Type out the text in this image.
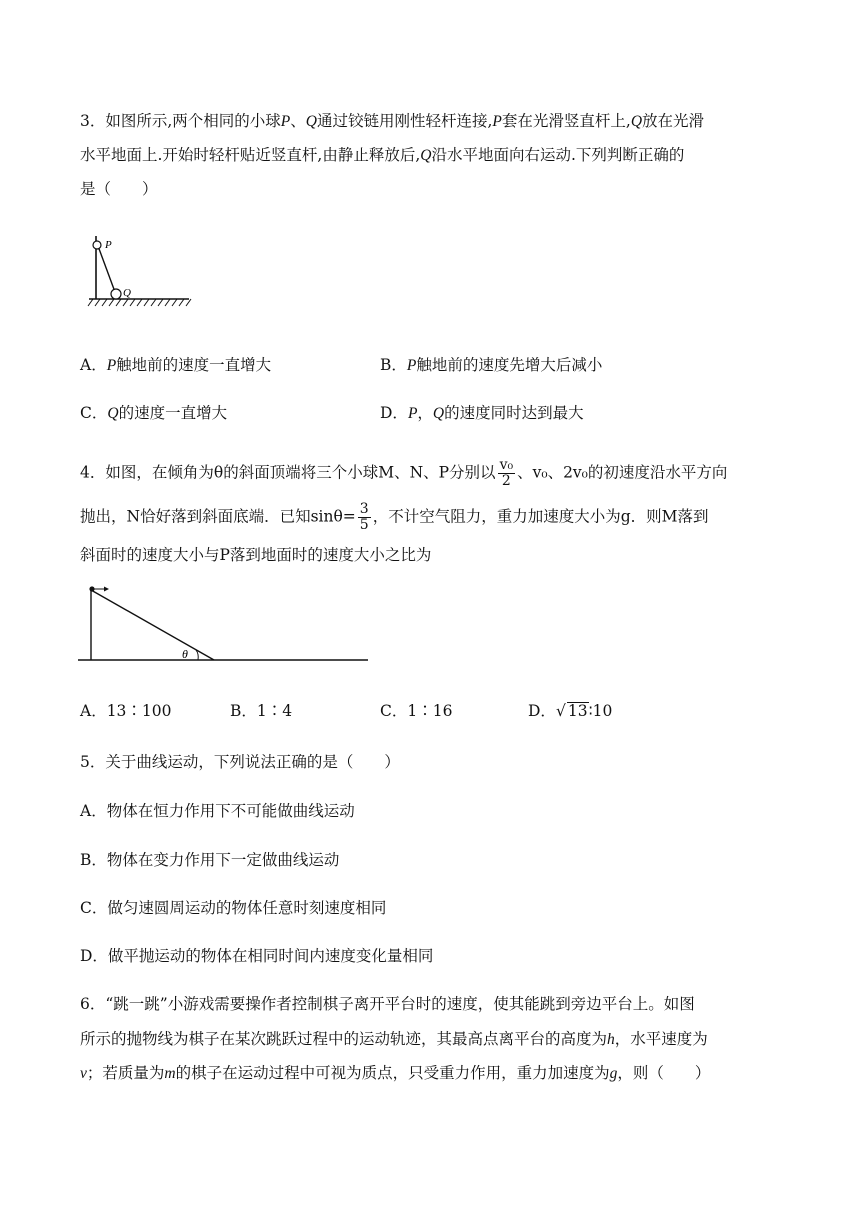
3．如图所示,两个相同的小球P、Q通过铰链用刚性轻杆连接,P套在光滑竖直杆上,Q放在光滑
水平地面上.开始时轻杆贴近竖直杆,由静止释放后,Q沿水平地面向右运动.下列判断正确的
是（　　）
P
Q
A．P触地前的速度一直增大	B．P触地前的速度先增大后减小
C．Q的速度一直增大	D．P，Q的速度同时达到最大
4．如图，在倾角为θ的斜面顶端将三个小球M、N、P分别以 $\frac{\text{v₀}}{2}$ 、v₀、2v₀的初速度沿水平方向
抛出，N恰好落到斜面底端．已知$\sin\theta= \frac{3}{5}$ ，不计空气阻力，重力加速度大小为g．则M落到
斜面时的速度大小与P落到地面时的速度大小之比为
θ
A．13∶100	B．1∶4	C．1∶16	D．√ 13∶10
5．关于曲线运动，下列说法正确的是（　　）
A．物体在恒力作用下不可能做曲线运动
B．物体在变力作用下一定做曲线运动
C．做匀速圆周运动的物体任意时刻速度相同
D．做平抛运动的物体在相同时间内速度变化量相同
6．“跳一跳”小游戏需要操作者控制棋子离开平台时的速度，使其能跳到旁边平台上。如图
所示的抛物线为棋子在某次跳跃过程中的运动轨迹，其最高点离平台的高度为h，水平速度为
v；若质量为m的棋子在运动过程中可视为质点，只受重力作用，重力加速度为g，则（　　）
